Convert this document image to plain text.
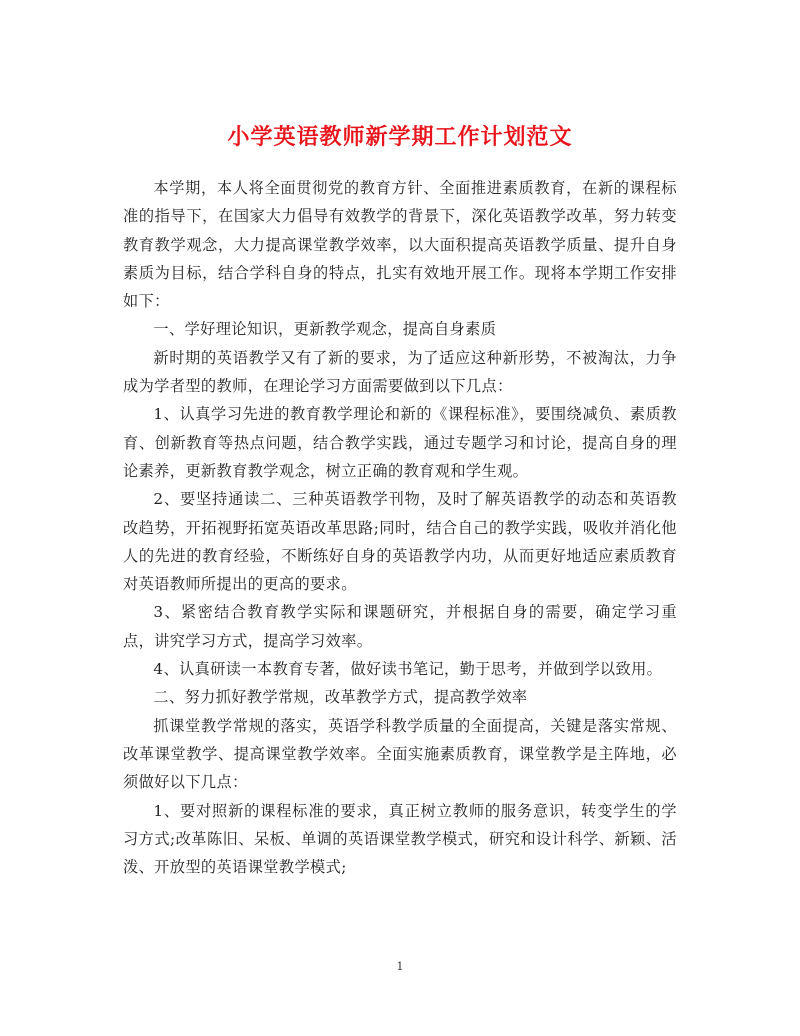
小学英语教师新学期工作计划范文

本学期，本人将全面贯彻党的教育方针、全面推进素质教育，在新的课程标准的指导下，在国家大力倡导有效教学的背景下，深化英语教学改革，努力转变教育教学观念，大力提高课堂教学效率，以大面积提高英语教学质量、提升自身素质为目标，结合学科自身的特点，扎实有效地开展工作。现将本学期工作安排如下：

一、学好理论知识，更新教学观念，提高自身素质

新时期的英语教学又有了新的要求，为了适应这种新形势，不被淘汰，力争成为学者型的教师，在理论学习方面需要做到以下几点：

1、认真学习先进的教育教学理论和新的《课程标准》，要围绕减负、素质教育、创新教育等热点问题，结合教学实践，通过专题学习和讨论，提高自身的理论素养，更新教育教学观念，树立正确的教育观和学生观。

2、要坚持通读二、三种英语教学刊物，及时了解英语教学的动态和英语教改趋势，开拓视野拓宽英语改革思路;同时，结合自己的教学实践，吸收并消化他人的先进的教育经验，不断练好自身的英语教学内功，从而更好地适应素质教育对英语教师所提出的更高的要求。

3、紧密结合教育教学实际和课题研究，并根据自身的需要，确定学习重点，讲究学习方式，提高学习效率。

4、认真研读一本教育专著，做好读书笔记，勤于思考，并做到学以致用。

二、努力抓好教学常规，改革教学方式，提高教学效率

抓课堂教学常规的落实，英语学科教学质量的全面提高，关键是落实常规、改革课堂教学、提高课堂教学效率。全面实施素质教育，课堂教学是主阵地，必须做好以下几点：

1、要对照新的课程标准的要求，真正树立教师的服务意识，转变学生的学习方式;改革陈旧、呆板、单调的英语课堂教学模式，研究和设计科学、新颖、活泼、开放型的英语课堂教学模式;

1
